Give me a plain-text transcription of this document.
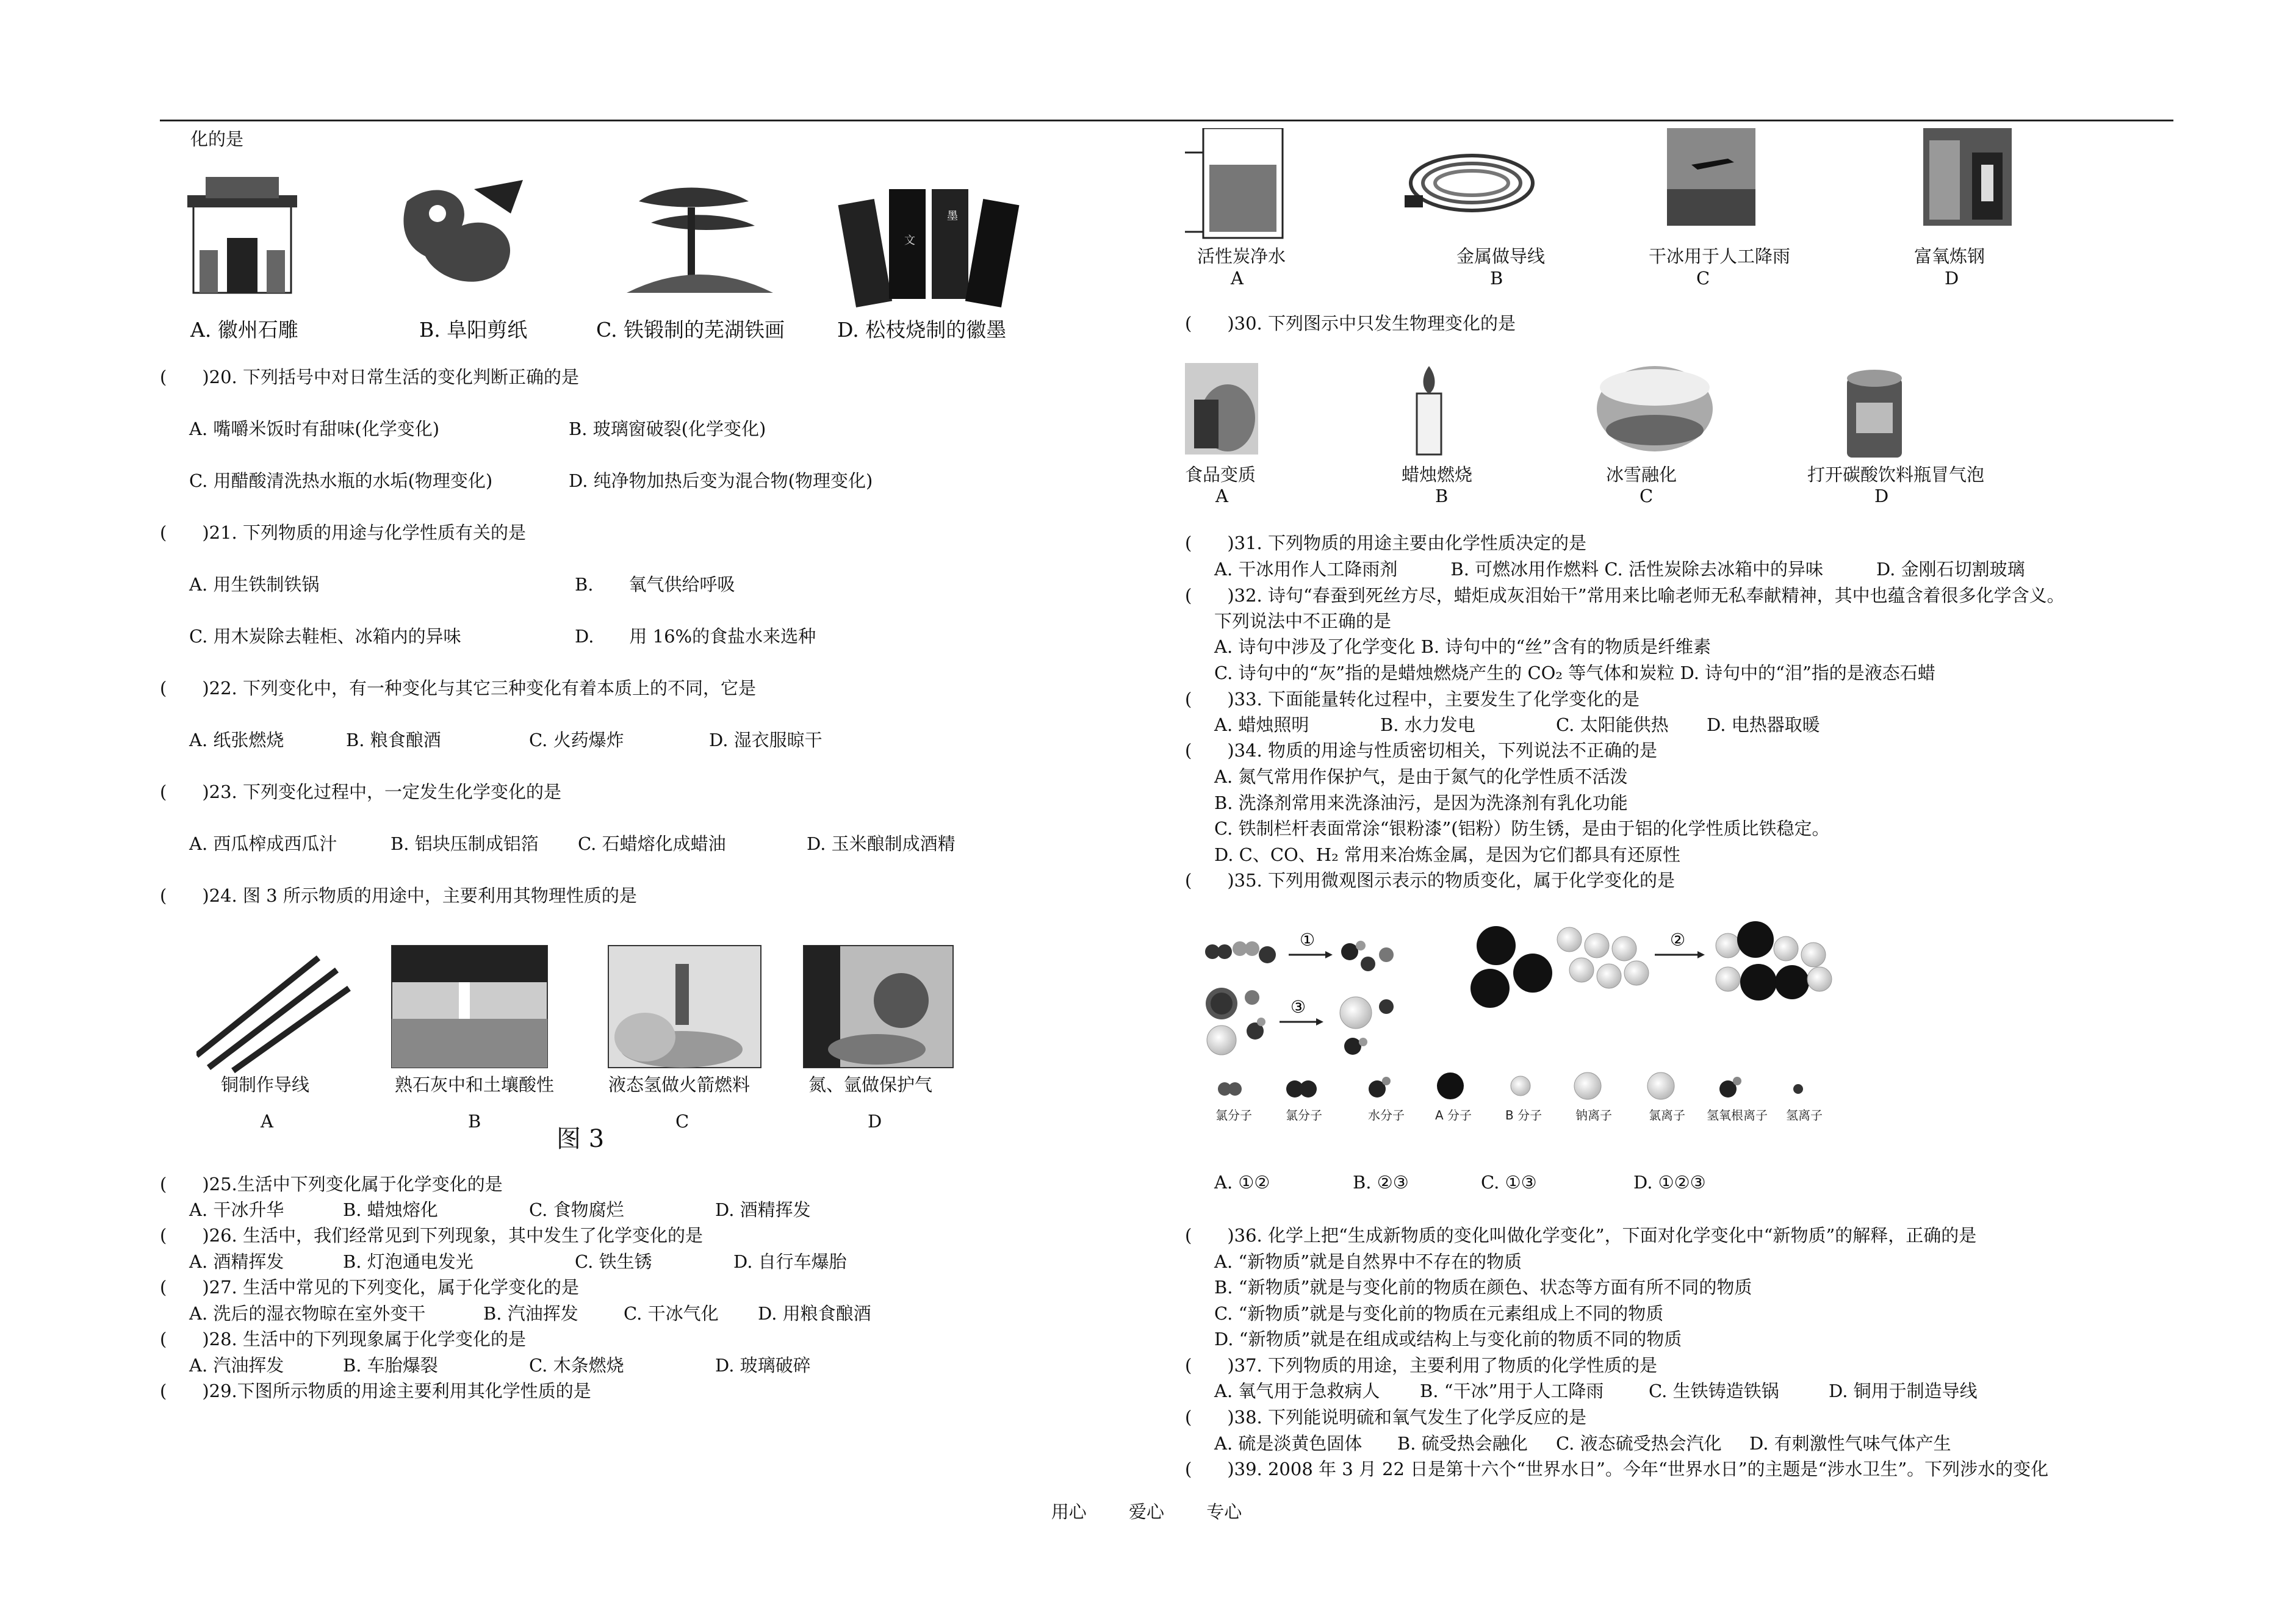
化的是
墨
文
A. 徽州石雕	B. 阜阳剪纸	C. 铁锻制的芜湖铁画	D. 松枝烧制的徽墨
(　　)20. 下列括号中对日常生活的变化判断正确的是
A. 嘴嚼米饭时有甜味(化学变化)	B. 玻璃窗破裂(化学变化)
C. 用醋酸清洗热水瓶的水垢(物理变化)	D. 纯净物加热后变为混合物(物理变化)
(　　)21. 下列物质的用途与化学性质有关的是
A. 用生铁制铁锅	B.　　氧气供给呼吸
C. 用木炭除去鞋柜、冰箱内的异味	D.　　用 16%的食盐水来选种
(　　)22. 下列变化中，有一种变化与其它三种变化有着本质上的不同，它是
A. 纸张燃烧	B. 粮食酿酒	C. 火药爆炸	D. 湿衣服晾干
(　　)23. 下列变化过程中，一定发生化学变化的是
A. 西瓜榨成西瓜汁	B. 铝块压制成铝箔 C. 石蜡熔化成蜡油	D. 玉米酿制成酒精
(　　)24. 图 3 所示物质的用途中，主要利用其物理性质的是
铜制作导线	熟石灰中和土壤酸性	液态氢做火箭燃料	氮、氩做保护气
A	B	C	D
图 3
(　　)25.生活中下列变化属于化学变化的是
A. 干冰升华	B. 蜡烛熔化	C. 食物腐烂	D. 酒精挥发
(　　)26. 生活中，我们经常见到下列现象，其中发生了化学变化的是
A. 酒精挥发	B. 灯泡通电发光	C. 铁生锈	D. 自行车爆胎
(　　)27. 生活中常见的下列变化，属于化学变化的是
A. 洗后的湿衣物晾在室外变干	B. 汽油挥发	C. 干冰气化 D. 用粮食酿酒
(　　)28. 生活中的下列现象属于化学变化的是
A. 汽油挥发	B. 车胎爆裂	C. 木条燃烧	D. 玻璃破碎
(　　)29.下图所示物质的用途主要利用其化学性质的是
活性炭净水	金属做导线	干冰用于人工降雨	富氧炼钢
A	B	C	D
(　　)30. 下列图示中只发生物理变化的是
食品变质	蜡烛燃烧	冰雪融化	打开碳酸饮料瓶冒气泡
A	B	C	D
(　　)31. 下列物质的用途主要由化学性质决定的是
A. 干冰用作人工降雨剂　　　B. 可燃冰用作燃料 C. 活性炭除去冰箱中的异味　　　D. 金刚石切割玻璃
(　　)32. 诗句“春蚕到死丝方尽，蜡炬成灰泪始干”常用来比喻老师无私奉献精神，其中也蕴含着很多化学含义。
下列说法中不正确的是
A. 诗句中涉及了化学变化 B. 诗句中的“丝”含有的物质是纤维素
C. 诗句中的“灰”指的是蜡烛燃烧产生的 CO₂ 等气体和炭粒 D. 诗句中的“泪”指的是液态石蜡
(　　)33. 下面能量转化过程中，主要发生了化学变化的是
A. 蜡烛照明	B. 水力发电	C. 太阳能供热 D. 电热器取暖
(　　)34. 物质的用途与性质密切相关，下列说法不正确的是
A. 氮气常用作保护气，是由于氮气的化学性质不活泼
B. 洗涤剂常用来洗涤油污，是因为洗涤剂有乳化功能
C. 铁制栏杆表面常涂“银粉漆”(铝粉）防生锈，是由于铝的化学性质比铁稳定。
D. C、CO、H₂ 常用来冶炼金属，是因为它们都具有还原性
(　　)35. 下列用微观图示表示的物质变化，属于化学变化的是
①	②
③
氯分子	氯分子	水分子	A 分子	B 分子	钠离子	氯离子 氢氧根离子 氢离子
A. ①②	B. ②③	C. ①③	D. ①②③
(　　)36. 化学上把“生成新物质的变化叫做化学变化”，下面对化学变化中“新物质”的解释，正确的是
A. “新物质”就是自然界中不存在的物质
B. “新物质”就是与变化前的物质在颜色、状态等方面有所不同的物质
C. “新物质”就是与变化前的物质在元素组成上不同的物质
D. “新物质”就是在组成或结构上与变化前的物质不同的物质
(　　)37. 下列物质的用途，主要利用了物质的化学性质的是
A. 氧气用于急救病人 B. “干冰”用于人工降雨	C. 生铁铸造铁锅	D. 铜用于制造导线
(　　)38. 下列能说明硫和氧气发生了化学反应的是
A. 硫是淡黄色固体 B. 硫受热会融化 C. 液态硫受热会汽化 D. 有刺激性气味气体产生
(　　)39. 2008 年 3 月 22 日是第十六个“世界水日”。今年“世界水日”的主题是“涉水卫生”。下列涉水的变化
用心 爱心 专心
